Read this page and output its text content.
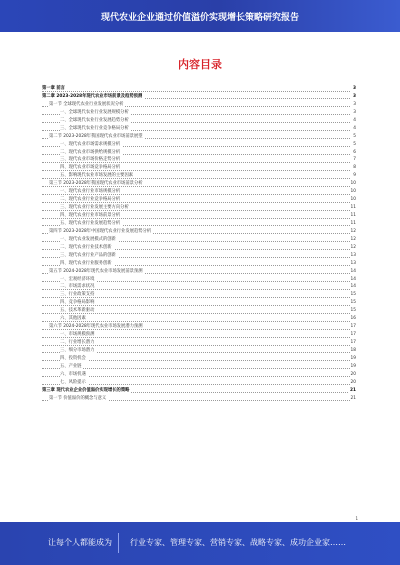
现代农业企业通过价值溢价实现增长策略研究报告
内容目录
第一章 前言	3
第二章 2023-2028年现代农业市场前景及趋势预测	3
第一节 全球现代农业行业发展状况分析	3
一、全球现代农业行业发展规模分析	3
二、全球现代农业行业发展趋势分析	4
三、全球现代农业行业竞争格局分析	4
第二节 2023-2028年我国现代农业市场前景展望	5
一、现代农业市场需求规模分析	5
二、现代农业市场供给规模分析	6
三、现代农业市场价格走势分析	7
四、现代农业市场竞争格局分析	8
五、影响现代农业市场发展的主要因素	9
第三节 2023-2028年我国现代农业市场前景分析	10
一、现代农业行业市场规模分析	10
二、现代农业行业竞争格局分析	10
三、现代农业行业发展主要方向分析	11
四、现代农业行业市场前景分析	11
五、现代农业行业发展趋势分析	11
第四节 2023-2028年中国现代农业行业发展趋势分析	12
一、现代农业发展模式的创新	12
二、现代农业行业技术创新	12
三、现代农业行业产品的创新	13
四、现代农业行业服务创新	13
第五节 2024-2028年现代农业市场发展前景预测	14
一、宏观经济环境	14
二、市场需求状况	14
三、行业政策支持	15
四、竞争格局影响	15
五、技术革新驱动	15
六、其他因素	16
第六节 2024-2028年现代农业市场发展潜力预测	17
一、市场规模预测	17
二、行业增长潜力	17
三、细分市场潜力	18
四、投资机会	19
五、产业链	19
六、市场机遇	20
七、风险提示	20
第三章 现代农业企业价值溢价实现增长的策略	21
第一节 价值溢价的概念与意义	21
1
让每个人都能成为 行业专家、管理专家、营销专家、战略专家、成功企业家……
